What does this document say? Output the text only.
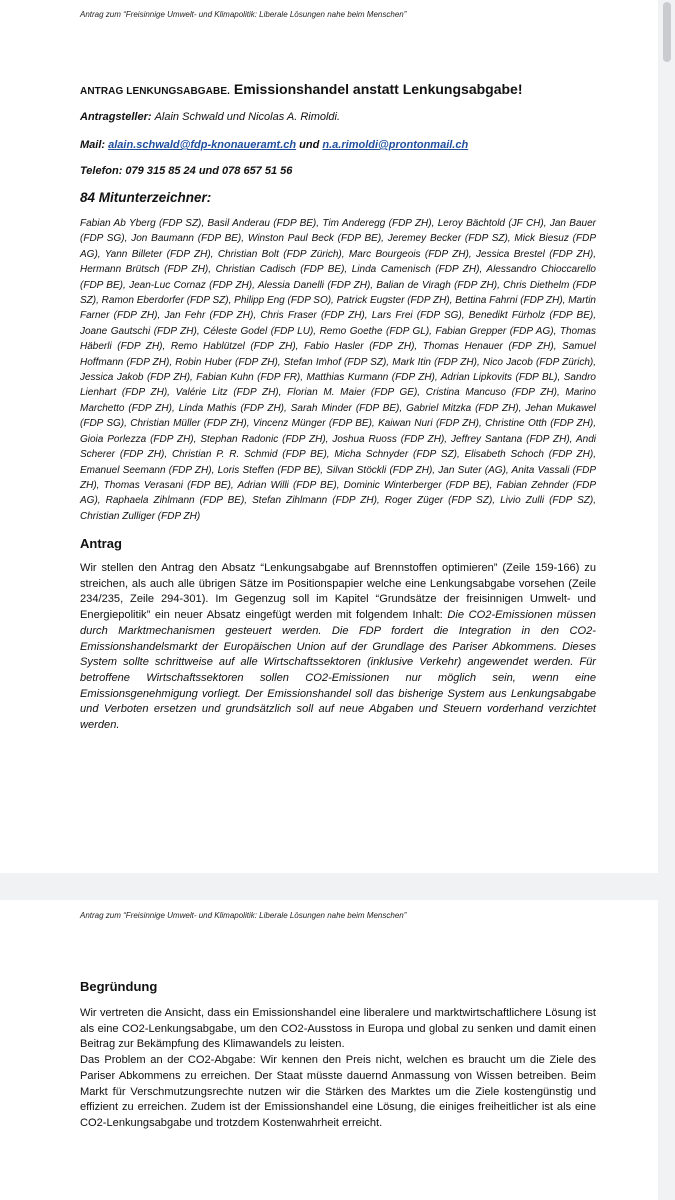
Antrag zum “Freisinnige Umwelt- und Klimapolitik: Liberale Lösungen nahe beim Menschen”
ANTRAG LENKUNGSABGABE. Emissionshandel anstatt Lenkungsabgabe!
Antragsteller: Alain Schwald und Nicolas A. Rimoldi.
Mail: alain.schwald@fdp-knonaueramt.ch und n.a.rimoldi@prontonmail.ch
Telefon: 079 315 85 24 und 078 657 51 56
84 Mitunterzeichner:
Fabian Ab Yberg (FDP SZ), Basil Anderau (FDP BE), Tim Anderegg (FDP ZH), Leroy Bächtold (JF CH), Jan Bauer (FDP SG), Jon Baumann (FDP BE), Winston Paul Beck (FDP BE), Jeremey Becker (FDP SZ), Mick Biesuz (FDP AG), Yann Billeter (FDP ZH), Christian Bolt (FDP Zürich), Marc Bourgeois (FDP ZH), Jessica Brestel (FDP ZH), Hermann Brütsch (FDP ZH), Christian Cadisch (FDP BE), Linda Camenisch (FDP ZH), Alessandro Chioccarello (FDP BE), Jean-Luc Cornaz (FDP ZH), Alessia Danelli (FDP ZH), Balian de Viragh (FDP ZH), Chris Diethelm (FDP SZ), Ramon Eberdorfer (FDP SZ), Philipp Eng (FDP SO), Patrick Eugster (FDP ZH), Bettina Fahrni (FDP ZH), Martin Farner (FDP ZH), Jan Fehr (FDP ZH), Chris Fraser (FDP ZH), Lars Frei (FDP SG), Benedikt Fürholz (FDP BE), Joane Gautschi (FDP ZH), Céleste Godel (FDP LU), Remo Goethe (FDP GL), Fabian Grepper (FDP AG), Thomas Häberli (FDP ZH), Remo Hablützel (FDP ZH), Fabio Hasler (FDP ZH), Thomas Henauer (FDP ZH), Samuel Hoffmann (FDP ZH), Robin Huber (FDP ZH), Stefan Imhof (FDP SZ), Mark Itin (FDP ZH), Nico Jacob (FDP Zürich), Jessica Jakob (FDP ZH), Fabian Kuhn (FDP FR), Matthias Kurmann (FDP ZH), Adrian Lipkovits (FDP BL), Sandro Lienhart (FDP ZH), Valérie Litz (FDP ZH), Florian M. Maier (FDP GE), Cristina Mancuso (FDP ZH), Marino Marchetto (FDP ZH), Linda Mathis (FDP ZH), Sarah Minder (FDP BE), Gabriel Mitzka (FDP ZH), Jehan Mukawel (FDP SG), Christian Müller (FDP ZH), Vincenz Münger (FDP BE), Kaiwan Nuri (FDP ZH), Christine Otth (FDP ZH), Gioia Porlezza (FDP ZH), Stephan Radonic (FDP ZH), Joshua Ruoss (FDP ZH), Jeffrey Santana (FDP ZH), Andi Scherer (FDP ZH), Christian P. R. Schmid (FDP BE), Micha Schnyder (FDP SZ), Elisabeth Schoch (FDP ZH), Emanuel Seemann (FDP ZH), Loris Steffen (FDP BE), Silvan Stöckli (FDP ZH), Jan Suter (AG), Anita Vassali (FDP ZH), Thomas Verasani (FDP BE), Adrian Willi (FDP BE), Dominic Winterberger (FDP BE), Fabian Zehnder (FDP AG), Raphaela Zihlmann (FDP BE), Stefan Zihlmann (FDP ZH), Roger Züger (FDP SZ), Livio Zulli (FDP SZ), Christian Zulliger (FDP ZH)
Antrag
Wir stellen den Antrag den Absatz “Lenkungsabgabe auf Brennstoffen optimieren” (Zeile 159-166) zu streichen, als auch alle übrigen Sätze im Positionspapier welche eine Lenkungsabgabe vorsehen (Zeile 234/235, Zeile 294-301). Im Gegenzug soll im Kapitel “Grundsätze der freisinnigen Umwelt- und Energiepolitik” ein neuer Absatz eingefügt werden mit folgendem Inhalt: Die CO2-Emissionen müssen durch Marktmechanismen gesteuert werden. Die FDP fordert die Integration in den CO2-Emissionshandelsmarkt der Europäischen Union auf der Grundlage des Pariser Abkommens. Dieses System sollte schrittweise auf alle Wirtschaftssektoren (inklusive Verkehr) angewendet werden. Für betroffene Wirtschaftssektoren sollen CO2-Emissionen nur möglich sein, wenn eine Emissionsgenehmigung vorliegt. Der Emissionshandel soll das bisherige System aus Lenkungsabgabe und Verboten ersetzen und grundsätzlich soll auf neue Abgaben und Steuern vorderhand verzichtet werden.
Antrag zum “Freisinnige Umwelt- und Klimapolitik: Liberale Lösungen nahe beim Menschen”
Begründung
Wir vertreten die Ansicht, dass ein Emissionshandel eine liberalere und marktwirtschaftlichere Lösung ist als eine CO2-Lenkungsabgabe, um den CO2-Ausstoss in Europa und global zu senken und damit einen Beitrag zur Bekämpfung des Klimawandels zu leisten.
Das Problem an der CO2-Abgabe: Wir kennen den Preis nicht, welchen es braucht um die Ziele des Pariser Abkommens zu erreichen. Der Staat müsste dauernd Anmassung von Wissen betreiben. Beim Markt für Verschmutzungsrechte nutzen wir die Stärken des Marktes um die Ziele kostengünstig und effizient zu erreichen. Zudem ist der Emissionshandel eine Lösung, die einiges freiheitlicher ist als eine CO2-Lenkungsabgabe und trotzdem Kostenwahrheit erreicht.
